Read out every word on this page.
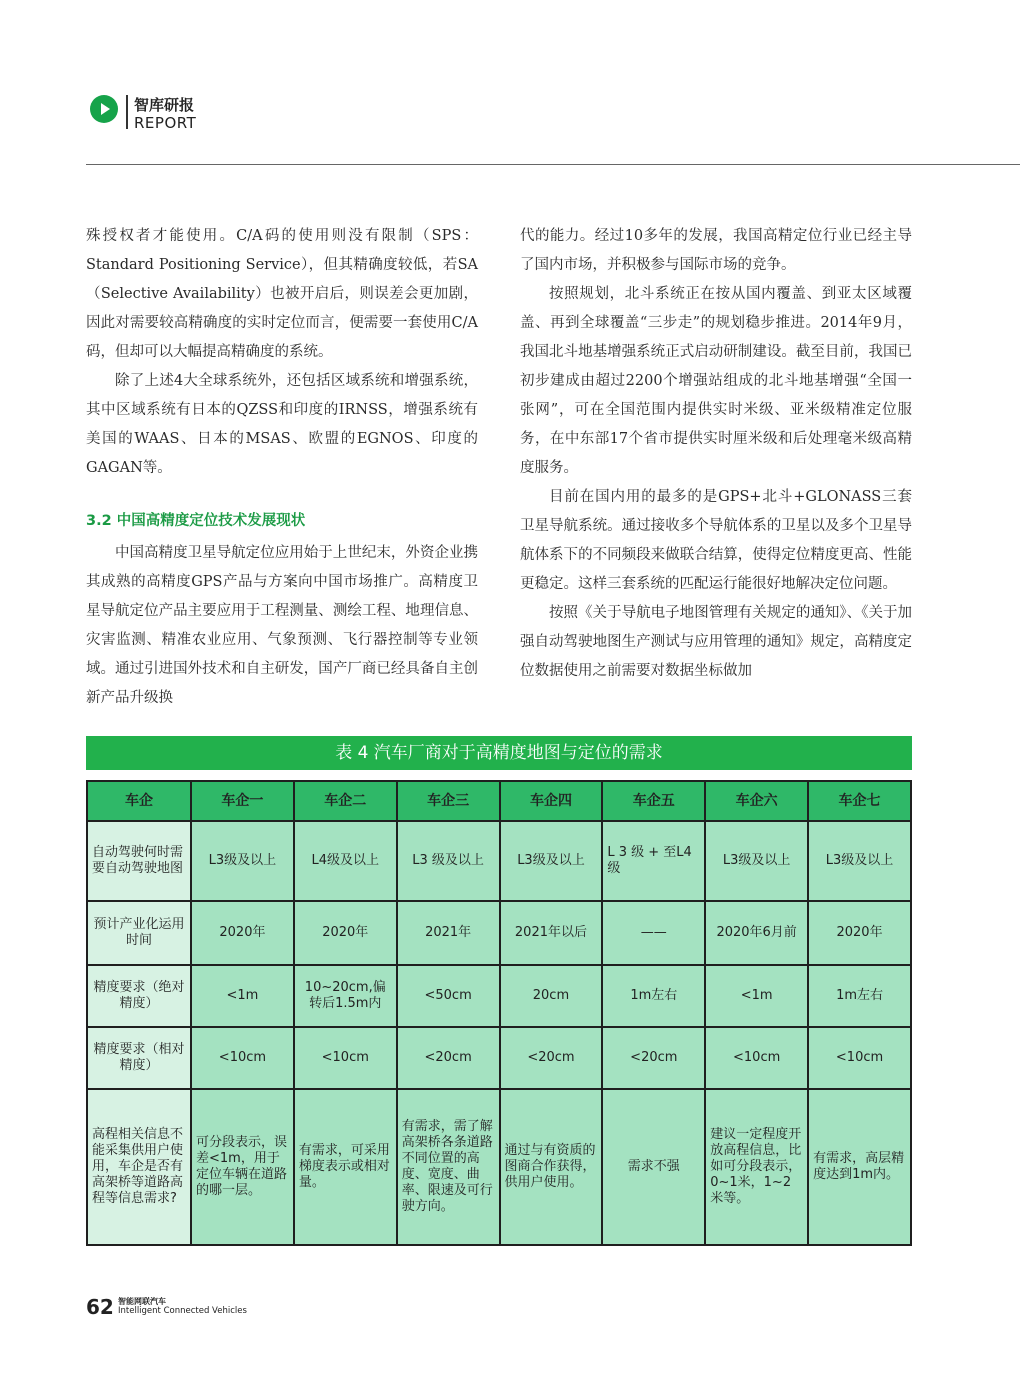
智库研报
REPORT

殊授权者才能使用。C/A码的使用则没有限制（SPS：Standard Positioning Service），但其精确度较低，若SA（Selective Availability）也被开启后，则误差会更加剧，因此对需要较高精确度的实时定位而言，便需要一套使用C/A码，但却可以大幅提高精确度的系统。

除了上述4大全球系统外，还包括区域系统和增强系统，其中区域系统有日本的QZSS和印度的IRNSS，增强系统有美国的WAAS、日本的MSAS、欧盟的EGNOS、印度的GAGAN等。

3.2 中国高精度定位技术发展现状

中国高精度卫星导航定位应用始于上世纪末，外资企业携其成熟的高精度GPS产品与方案向中国市场推广。高精度卫星导航定位产品主要应用于工程测量、测绘工程、地理信息、灾害监测、精准农业应用、气象预测、飞行器控制等专业领域。通过引进国外技术和自主研发，国产厂商已经具备自主创新产品升级换

代的能力。经过10多年的发展，我国高精定位行业已经主导了国内市场，并积极参与国际市场的竞争。

按照规划，北斗系统正在按从国内覆盖、到亚太区域覆盖、再到全球覆盖“三步走”的规划稳步推进。2014年9月，我国北斗地基增强系统正式启动研制建设。截至目前，我国已初步建成由超过2200个增强站组成的北斗地基增强“全国一张网”，可在全国范围内提供实时米级、亚米级精准定位服务，在中东部17个省市提供实时厘米级和后处理毫米级高精度服务。

目前在国内用的最多的是GPS+北斗+GLONASS三套卫星导航系统。通过接收多个导航体系的卫星以及多个卫星导航体系下的不同频段来做联合结算，使得定位精度更高、性能更稳定。这样三套系统的匹配运行能很好地解决定位问题。

按照《关于导航电子地图管理有关规定的通知》、《关于加强自动驾驶地图生产测试与应用管理的通知》规定，高精度定位数据使用之前需要对数据坐标做加

表 4 汽车厂商对于高精度地图与定位的需求
车企	车企一	车企二	车企三	车企四	车企五	车企六	车企七
自动驾驶何时需要自动驾驶地图	L3级及以上	L4级及以上	L3 级及以上	L3级及以上	L 3 级 + 至L4级	L3级及以上	L3级及以上
预计产业化运用时间	2020年	2020年	2021年	2021年以后	——	2020年6月前	2020年
精度要求（绝对精度）	<1m	10~20cm,偏转后1.5m内	<50cm	20cm	1m左右	<1m	1m左右
精度要求（相对精度）	<10cm	<10cm	<20cm	<20cm	<20cm	<10cm	<10cm
高程相关信息不能采集供用户使用，车企是否有高架桥等道路高程等信息需求?	可分段表示，误差<1m，用于定位车辆在道路的哪一层。	有需求，可采用梯度表示或相对量。	有需求，需了解高架桥各条道路不同位置的高度、宽度、曲率、限速及可行驶方向。	通过与有资质的图商合作获得，供用户使用。	需求不强	建议一定程度开放高程信息，比如可分段表示，0~1米，1~2米等。	有需求，高层精度达到1m内。
62 智能网联汽车
Intelligent Connected Vehicles
